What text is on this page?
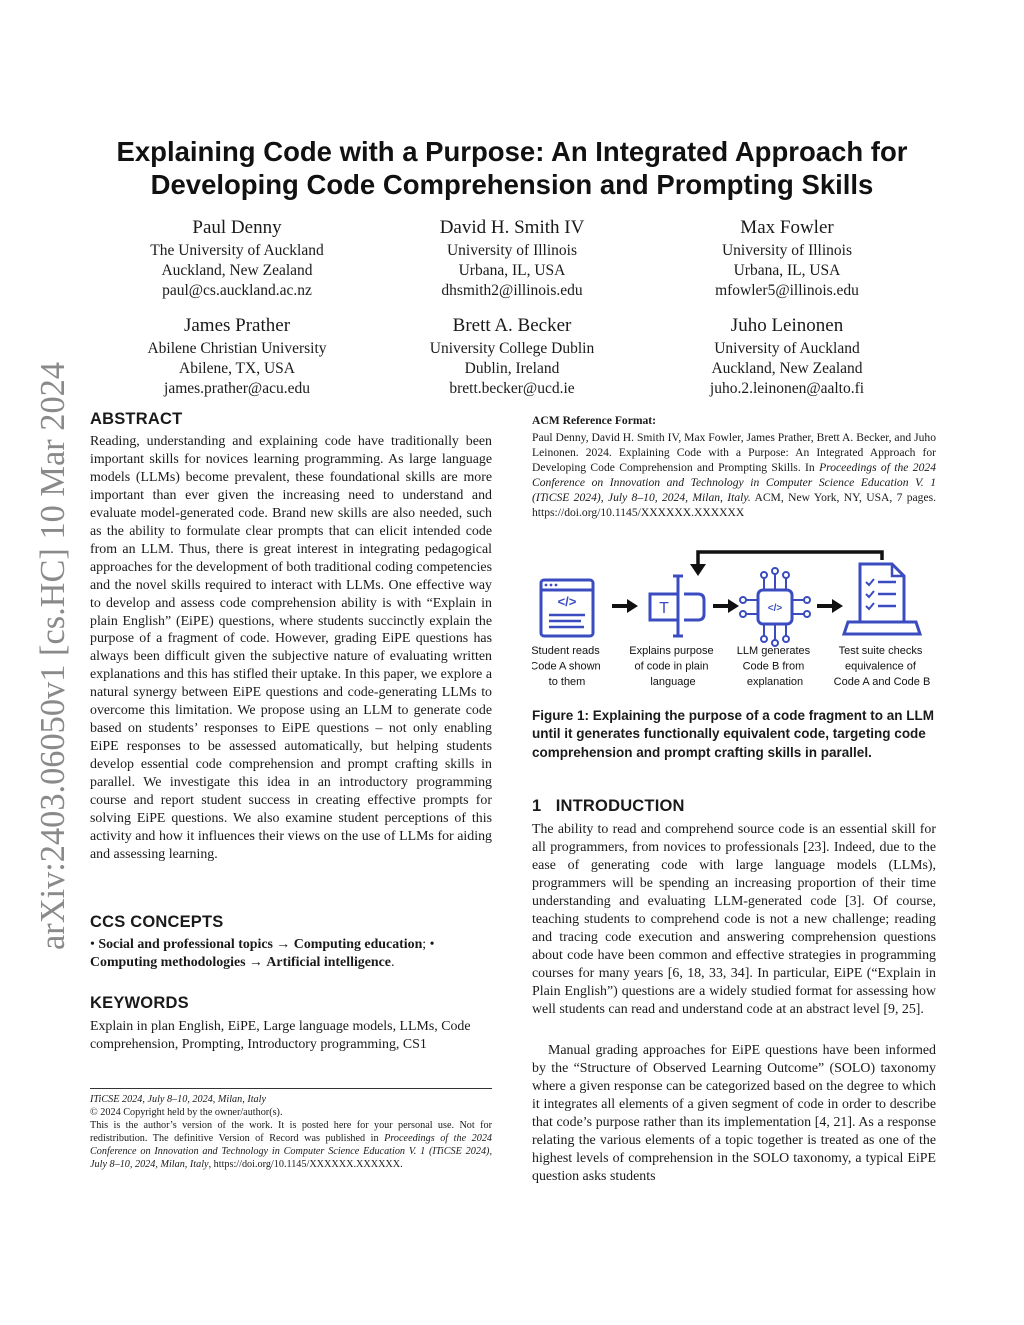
arXiv:2403.06050v1 [cs.HC] 10 Mar 2024
Explaining Code with a Purpose: An Integrated Approach for
Developing Code Comprehension and Prompting Skills
Paul Denny
The University of Auckland
Auckland, New Zealand
paul@cs.auckland.ac.nz
David H. Smith IV
University of Illinois
Urbana, IL, USA
dhsmith2@illinois.edu
Max Fowler
University of Illinois
Urbana, IL, USA
mfowler5@illinois.edu
James Prather
Abilene Christian University
Abilene, TX, USA
james.prather@acu.edu
Brett A. Becker
University College Dublin
Dublin, Ireland
brett.becker@ucd.ie
Juho Leinonen
University of Auckland
Auckland, New Zealand
juho.2.leinonen@aalto.fi
ABSTRACT

Reading, understanding and explaining code have traditionally been important skills for novices learning programming. As large language models (LLMs) become prevalent, these foundational skills are more important than ever given the increasing need to understand and evaluate model-generated code. Brand new skills are also needed, such as the ability to formulate clear prompts that can elicit intended code from an LLM. Thus, there is great interest in integrating pedagogical approaches for the development of both traditional coding competencies and the novel skills required to interact with LLMs. One effective way to develop and assess code comprehension ability is with “Explain in plain English” (EiPE) questions, where students succinctly explain the purpose of a fragment of code. However, grading EiPE questions has always been difficult given the subjective nature of evaluating written explanations and this has stifled their uptake. In this paper, we explore a natural synergy between EiPE questions and code-generating LLMs to overcome this limitation. We propose using an LLM to generate code based on students’ responses to EiPE questions – not only enabling EiPE responses to be assessed automatically, but helping students develop essential code comprehension and prompt crafting skills in parallel. We investigate this idea in an introductory programming course and report student success in creating effective prompts for solving EiPE questions. We also examine student perceptions of this activity and how it influences their views on the use of LLMs for aiding and assessing learning.

CCS CONCEPTS

• Social and professional topics → Computing education; • Computing methodologies → Artificial intelligence.

KEYWORDS

Explain in plan English, EiPE, Large language models, LLMs, Code comprehension, Prompting, Introductory programming, CS1

ITiCSE 2024, July 8–10, 2024, Milan, Italy

© 2024 Copyright held by the owner/author(s).

This is the author’s version of the work. It is posted here for your personal use. Not for redistribution. The definitive Version of Record was published in Proceedings of the 2024 Conference on Innovation and Technology in Computer Science Education V. 1 (ITiCSE 2024), July 8–10, 2024, Milan, Italy, https://doi.org/10.1145/XXXXXX.XXXXXX.

ACM Reference Format:

Paul Denny, David H. Smith IV, Max Fowler, James Prather, Brett A. Becker, and Juho Leinonen. 2024. Explaining Code with a Purpose: An Integrated Approach for Developing Code Comprehension and Prompting Skills. In Proceedings of the 2024 Conference on Innovation and Technology in Computer Science Education V. 1 (ITiCSE 2024), July 8–10, 2024, Milan, Italy. ACM, New York, NY, USA, 7 pages. https://doi.org/10.1145/XXXXXX.XXXXXX

</>	T	</>
Student reads Code A shown to them
Explains purpose of code in plain language
LLM generates Code B from explanation
Test suite checks equivalence of Code A and Code B
Figure 1: Explaining the purpose of a code fragment to an LLM until it generates functionally equivalent code, targeting code comprehension and prompt crafting skills in parallel.
1 INTRODUCTION

The ability to read and comprehend source code is an essential skill for all programmers, from novices to professionals [23]. Indeed, due to the ease of generating code with large language models (LLMs), programmers will be spending an increasing proportion of their time understanding and evaluating LLM-generated code [3]. Of course, teaching students to comprehend code is not a new challenge; reading and tracing code execution and answering comprehension questions about code have been common and effective strategies in programming courses for many years [6, 18, 33, 34]. In particular, EiPE (“Explain in Plain English”) questions are a widely studied format for assessing how well students can read and understand code at an abstract level [9, 25].

Manual grading approaches for EiPE questions have been informed by the “Structure of Observed Learning Outcome” (SOLO) taxonomy where a given response can be categorized based on the degree to which it integrates all elements of a given segment of code in order to describe that code’s purpose rather than its implementation [4, 21]. As a response relating the various elements of a topic together is treated as one of the highest levels of comprehension in the SOLO taxonomy, a typical EiPE question asks students
